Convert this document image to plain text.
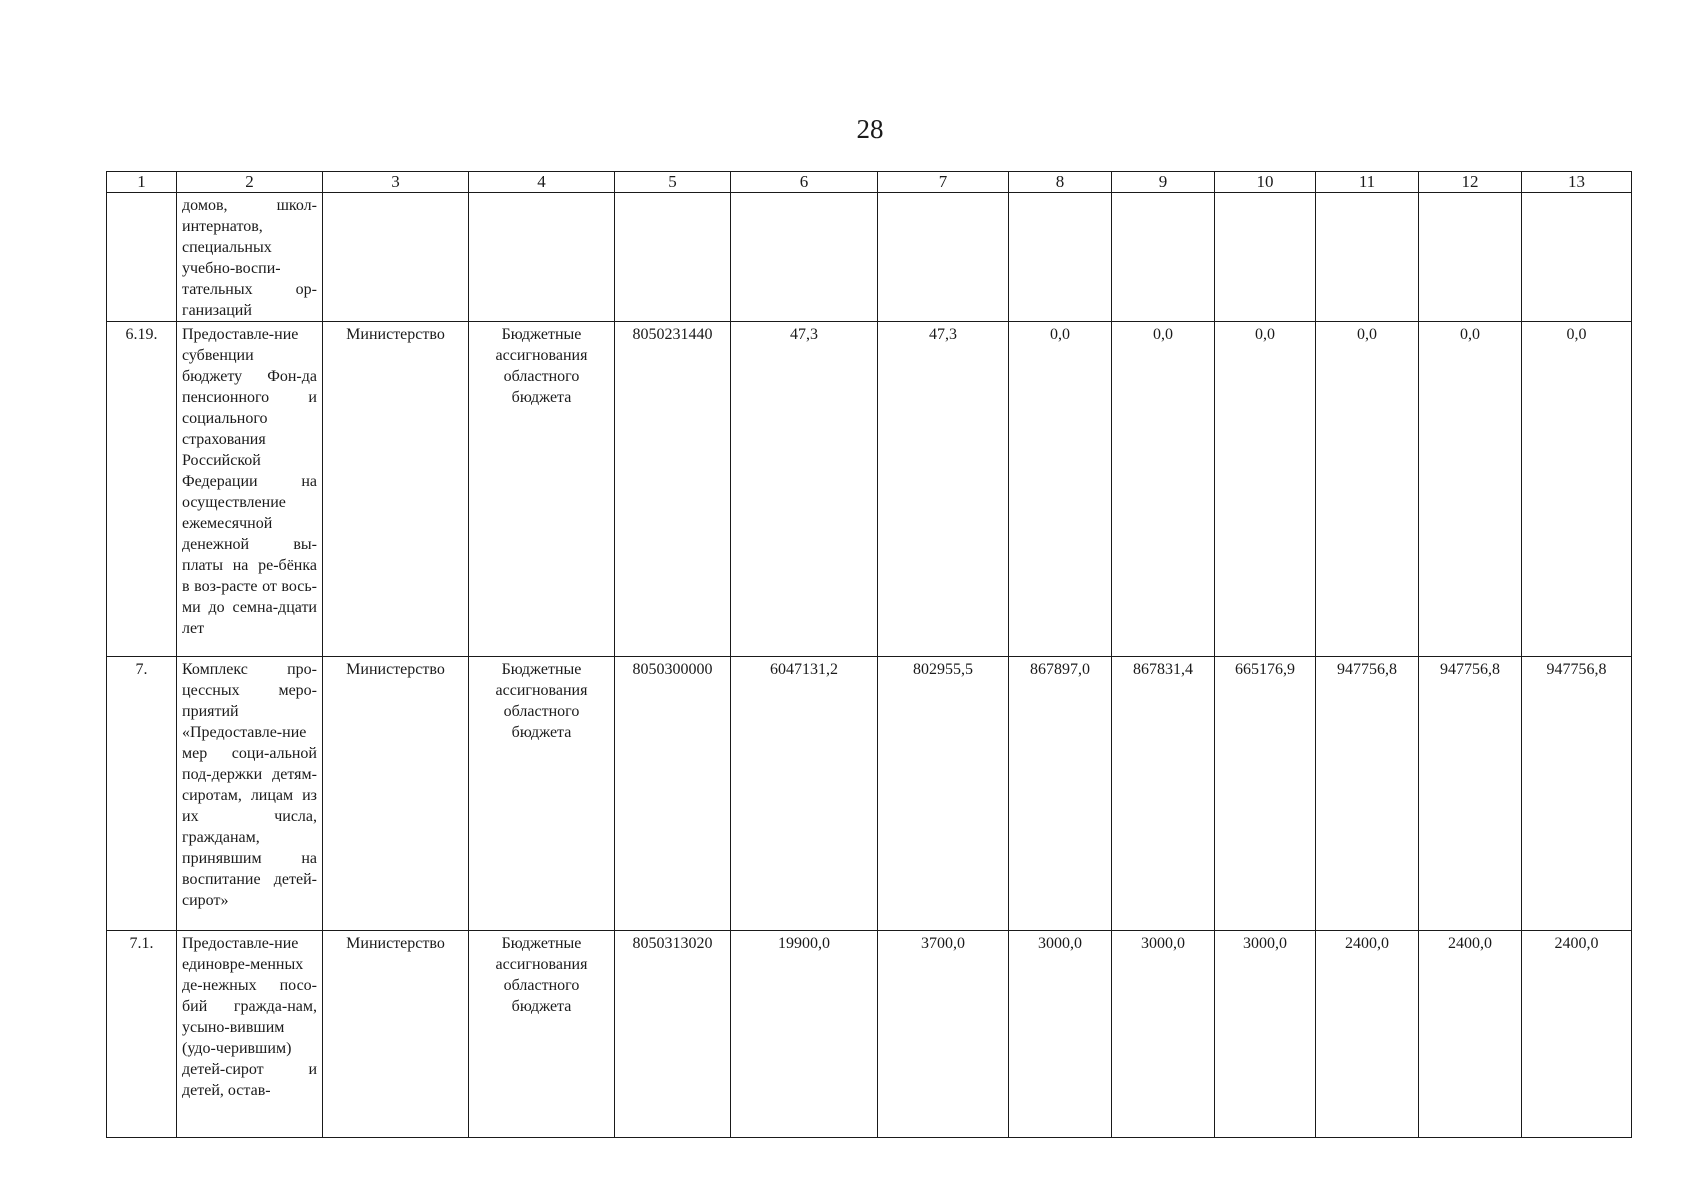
28
1	2	3	4	5	6	7	8	9	10	11	12	13
	домов, школ-интернатов, специальных учебно-воспи-тательных ор-ганизаций											
6.19.	Предоставле-ние субвенции бюджету Фон-да пенсионного и социального страхования Российской Федерации на осуществление ежемесячной денежной вы-платы на ре-бёнка в воз-расте от вось-ми до семна-дцати лет	Министерство	Бюджетные ассигнования областного бюджета	8050231440	47,3	47,3	0,0	0,0	0,0	0,0	0,0	0,0
7.	Комплекс про-цессных меро-приятий «Предоставле-ние мер соци-альной под-держки детям-сиротам, лицам из их числа, гражданам, принявшим на воспитание детей-сирот»	Министерство	Бюджетные ассигнования областного бюджета	8050300000	6047131,2	802955,5	867897,0	867831,4	665176,9	947756,8	947756,8	947756,8
7.1.	Предоставле-ние единовре-менных де-нежных посо-бий гражда-нам, усыно-вившим (удо-черившим) детей-сирот и детей, остав-	Министерство	Бюджетные ассигнования областного бюджета	8050313020	19900,0	3700,0	3000,0	3000,0	3000,0	2400,0	2400,0	2400,0
